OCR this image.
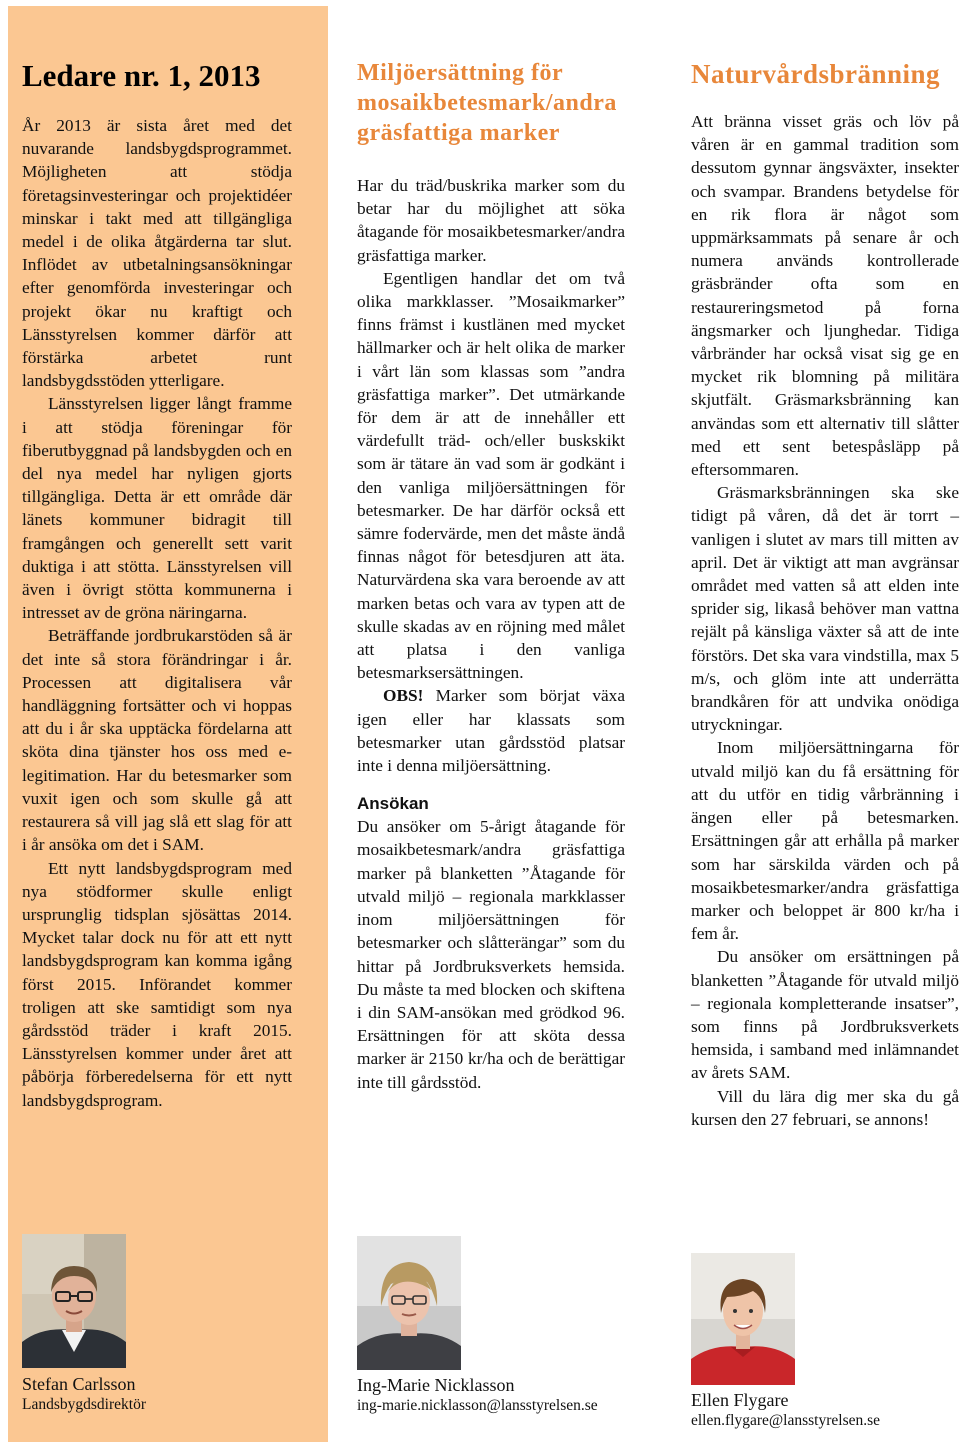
Ledare nr. 1, 2013

År 2013 är sista året med det nuvarande landsbygdsprogrammet. Möjligheten att stödja företagsinvesteringar och projektidéer minskar i takt med att tillgängliga medel i de olika åtgärderna tar slut. Inflödet av utbetalningsansökningar efter genomförda investeringar och projekt ökar nu kraftigt och Länsstyrelsen kommer därför att förstärka arbetet runt landsbygdsstöden ytterligare.

Länsstyrelsen ligger långt framme i att stödja föreningar för fiberutbyggnad på landsbygden och en del nya medel har nyligen gjorts tillgängliga. Detta är ett område där länets kommuner bidragit till framgången och generellt sett varit duktiga i att stötta. Länsstyrelsen vill även i övrigt stötta kommunerna i intresset av de gröna näringarna.

Beträffande jordbrukarstöden så är det inte så stora förändringar i år. Processen att digitalisera vår handläggning fortsätter och vi hoppas att du i år ska upptäcka fördelarna att sköta dina tjänster hos oss med e-legitimation. Har du betesmarker som vuxit igen och som skulle gå att restaurera så vill jag slå ett slag för att i år ansöka om det i SAM.

Ett nytt landsbygdsprogram med nya stödformer skulle enligt ursprunglig tidsplan sjösättas 2014. Mycket talar dock nu för att ett nytt landsbygdsprogram kan komma igång först 2015. Införandet kommer troligen att ske samtidigt som nya gårdsstöd träder i kraft 2015. Länsstyrelsen kommer under året att påbörja förberedelserna för ett nytt landsbygdsprogram.

Miljöersättning för mosaikbetesmark/andra gräsfattiga marker

Har du träd/buskrika marker som du betar har du möjlighet att söka åtagande för mosaikbetesmarker/andra gräsfattiga marker.

Egentligen handlar det om två olika markklasser. ”Mosaikmarker” finns främst i kustlänen med mycket hällmarker och är helt olika de marker i vårt län som klassas som ”andra gräsfattiga marker”. Det utmärkande för dem är att de innehåller ett värdefullt träd- och/eller buskskikt som är tätare än vad som är godkänt i den vanliga miljöersättningen för betesmarker. De har därför också ett sämre fodervärde, men det måste ändå finnas något för betesdjuren att äta. Naturvärdena ska vara beroende av att marken betas och vara av typen att de skulle skadas av en röjning med målet att platsa i den vanliga betesmarksersättningen.

OBS! Marker som börjat växa igen eller har klassats som betesmarker utan gårdsstöd platsar inte i denna miljöersättning.

Ansökan

Du ansöker om 5-årigt åtagande för mosaikbetesmark/andra gräsfattiga marker på blanketten ”Åtagande för utvald miljö – regionala markklasser inom miljöersättningen för betesmarker och slåtterängar” som du hittar på Jordbruksverkets hemsida. Du måste ta med blocken och skiftena i din SAM-ansökan med grödkod 96. Ersättningen för att sköta dessa marker är 2150 kr/ha och de berättigar inte till gårdsstöd.

Naturvårdsbränning

Att bränna visset gräs och löv på våren är en gammal tradition som dessutom gynnar ängsväxter, insekter och svampar. Brandens betydelse för en rik flora är något som uppmärksammats på senare år och numera används kontrollerade gräsbränder ofta som en restaureringsmetod på forna ängsmarker och ljunghedar. Tidiga vårbränder har också visat sig ge en mycket rik blomning på militära skjutfält. Gräsmarksbränning kan användas som ett alternativ till slåtter med ett sent betespåsläpp på eftersommaren.

Gräsmarksbränningen ska ske tidigt på våren, då det är torrt – vanligen i slutet av mars till mitten av april. Det är viktigt att man avgränsar området med vatten så att elden inte sprider sig, likaså behöver man vattna rejält på känsliga växter så att de inte förstörs. Det ska vara vindstilla, max 5 m/s, och glöm inte att underrätta brandkåren för att undvika onödiga utryckningar.

Inom miljöersättningarna för utvald miljö kan du få ersättning för att du utför en tidig vårbränning i ängen eller på betesmarken. Ersättningen går att erhålla på marker som har särskilda värden och på mosaikbetesmarker/andra gräsfattiga marker och beloppet är 800 kr/ha i fem år.

Du ansöker om ersättningen på blanketten ”Åtagande för utvald miljö – regionala kompletterande insatser”, som finns på Jordbruksverkets hemsida, i samband med inlämnandet av årets SAM.

Vill du lära dig mer ska du gå kursen den 27 februari, se annons!

Stefan Carlsson

Landsbygdsdirektör
Ing-Marie Nicklasson

ing-marie.nicklasson@lansstyrelsen.se	Ellen Flygare

ellen.flygare@lansstyrelsen.se
